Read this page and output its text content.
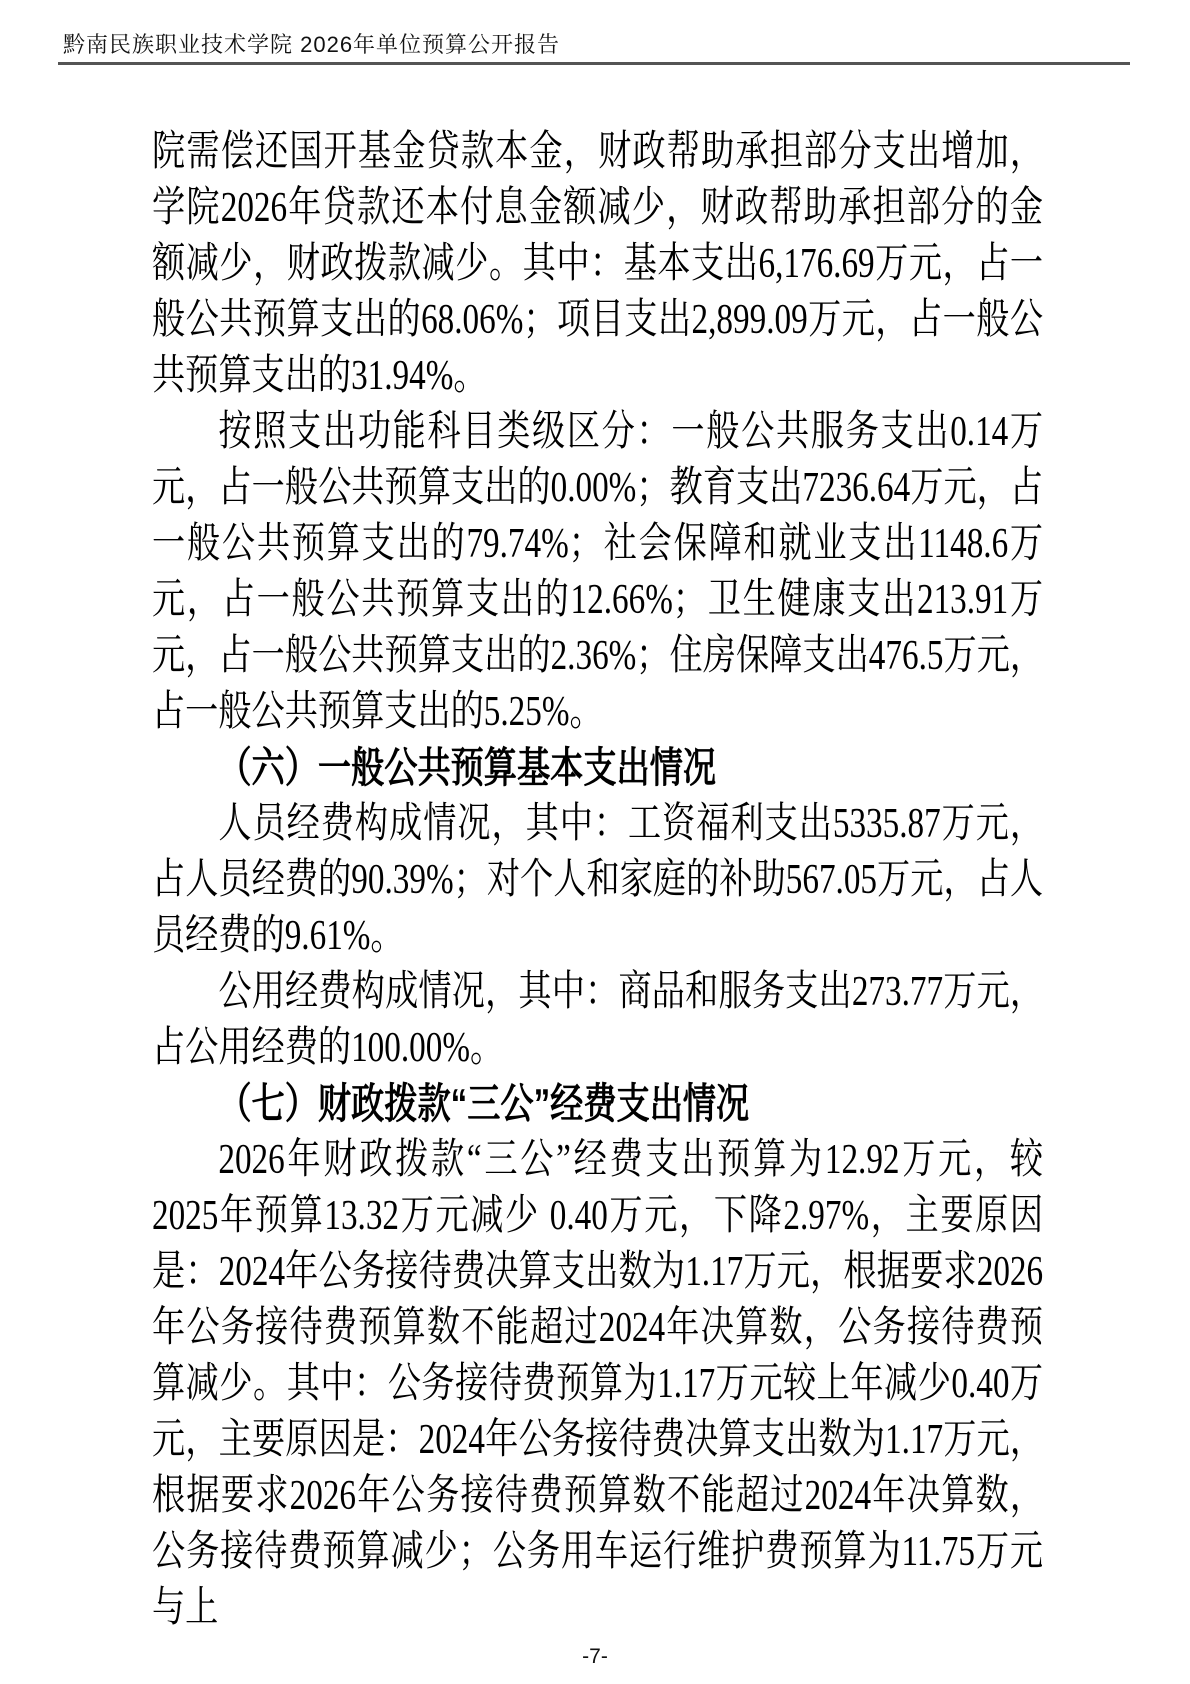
黔南民族职业技术学院 2026年单位预算公开报告

院需偿还国开基金贷款本金，财政帮助承担部分支出增加，学院2026年贷款还本付息金额减少，财政帮助承担部分的金额减少，财政拨款减少。其中：基本支出6,176.69万元，占一般公共预算支出的68.06%；项目支出2,899.09万元，占一般公共预算支出的31.94%。

按照支出功能科目类级区分：一般公共服务支出0.14万元，占一般公共预算支出的0.00%；教育支出7236.64万元，占一般公共预算支出的79.74%；社会保障和就业支出1148.6万元，占一般公共预算支出的12.66%；卫生健康支出213.91万元，占一般公共预算支出的2.36%；住房保障支出476.5万元，占一般公共预算支出的5.25%。

（六）一般公共预算基本支出情况

人员经费构成情况，其中：工资福利支出5335.87万元，占人员经费的90.39%；对个人和家庭的补助567.05万元，占人员经费的9.61%。

公用经费构成情况，其中：商品和服务支出273.77万元，占公用经费的100.00%。

（七）财政拨款“三公”经费支出情况

2026年财政拨款“三公”经费支出预算为12.92万元，较2025年预算13.32万元减少 0.40万元，下降2.97%，主要原因是：2024年公务接待费决算支出数为1.17万元，根据要求2026年公务接待费预算数不能超过2024年决算数，公务接待费预算减少。其中：公务接待费预算为1.17万元较上年减少0.40万元，主要原因是：2024年公务接待费决算支出数为1.17万元，根据要求2026年公务接待费预算数不能超过2024年决算数，公务接待费预算减少；公务用车运行维护费预算为11.75万元与上

-7-
